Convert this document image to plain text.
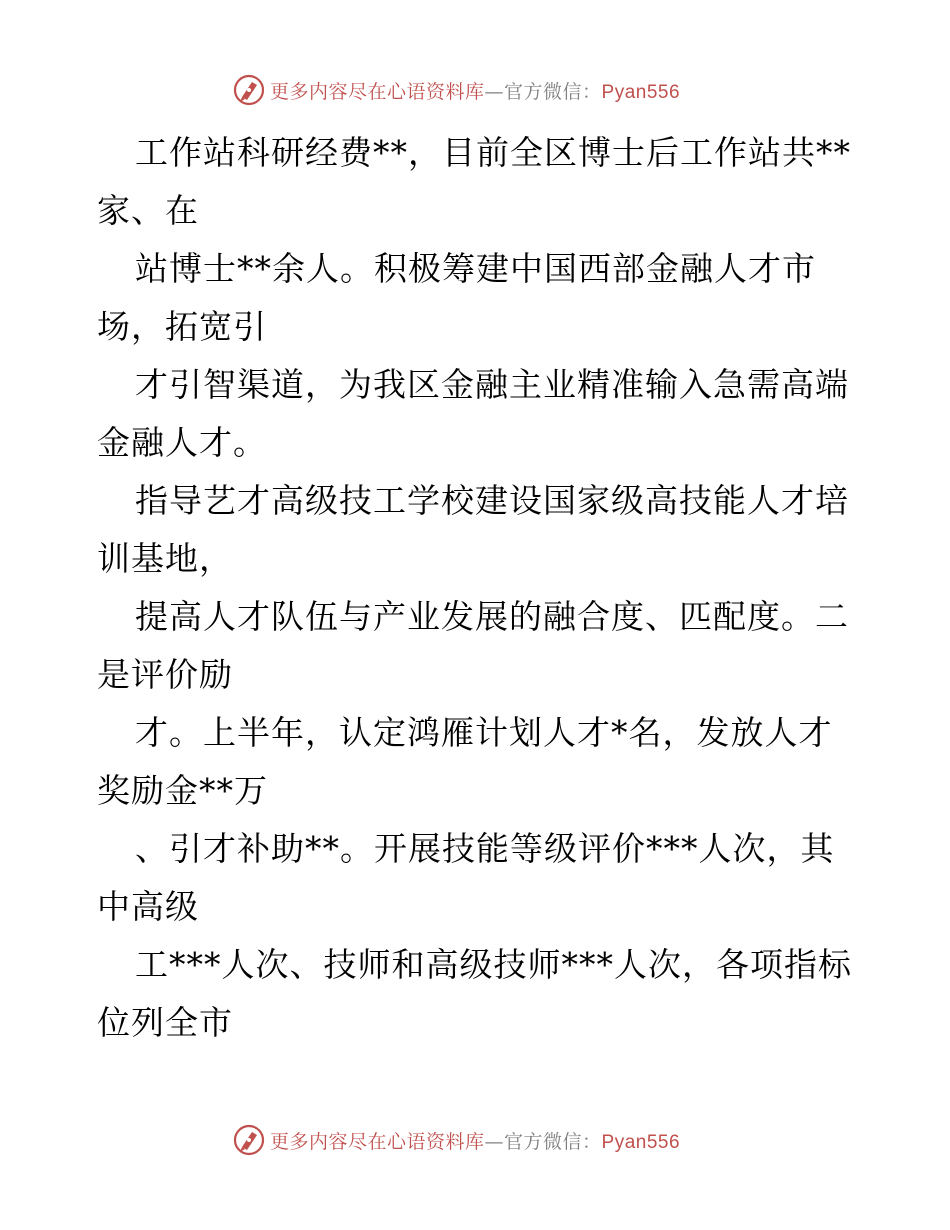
更多内容尽在心语资料库—官方微信：Pyan556
工作站科研经费**，目前全区博士后工作站共**
家、在
站博士**余人。积极筹建中国西部金融人才市
场，拓宽引
才引智渠道，为我区金融主业精准输入急需高端
金融人才。
指导艺才高级技工学校建设国家级高技能人才培
训基地，
提高人才队伍与产业发展的融合度、匹配度。二
是评价励
才。上半年，认定鸿雁计划人才*名，发放人才
奖励金**万
、引才补助**。开展技能等级评价***人次，其
中高级
工***人次、技师和高级技师***人次，各项指标
位列全市
更多内容尽在心语资料库—官方微信：Pyan556
